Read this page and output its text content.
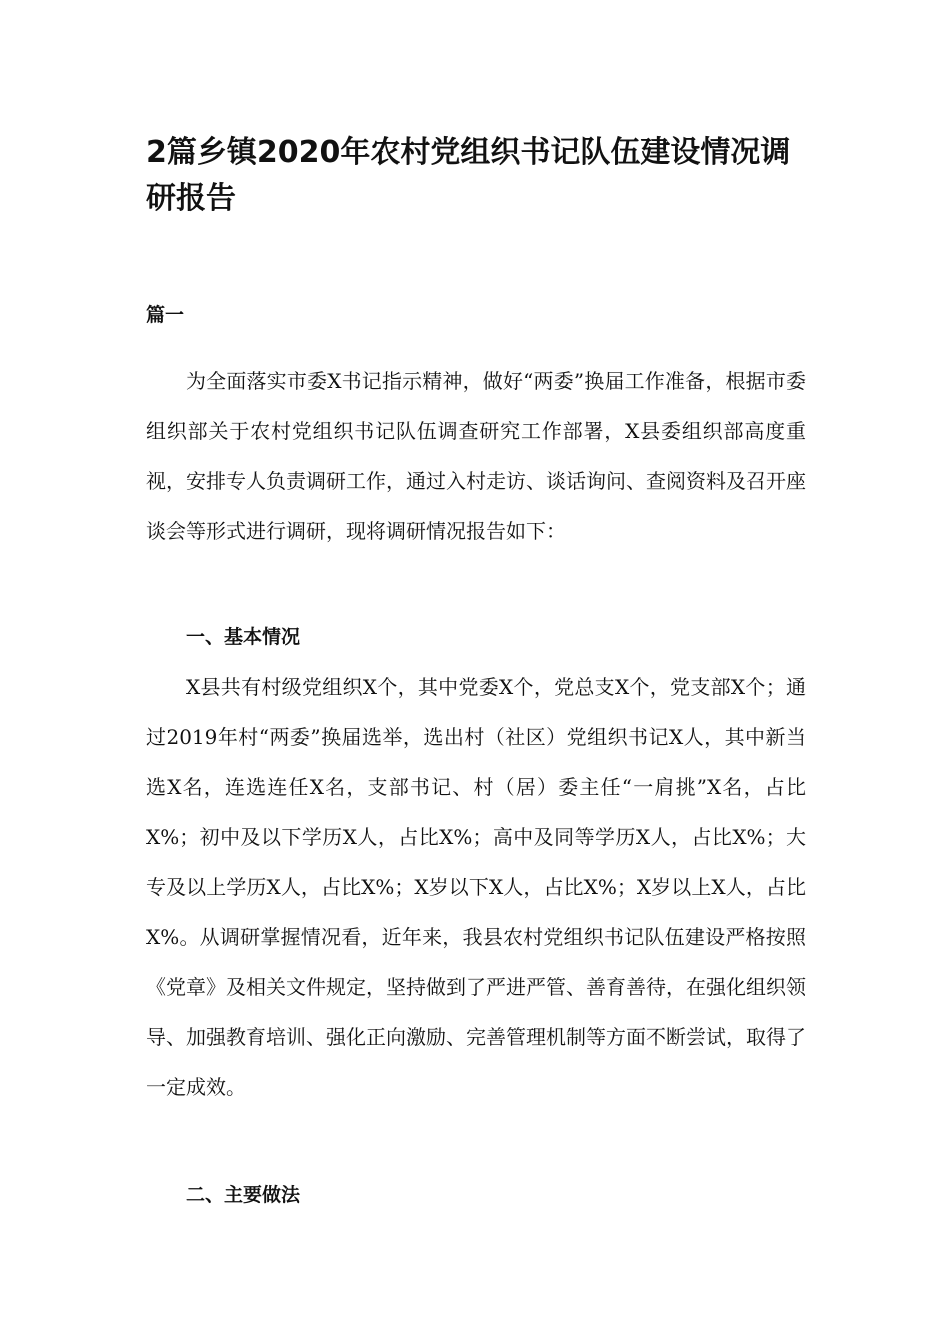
2篇乡镇2020年农村党组织书记队伍建设情况调研报告
篇一

为全面落实市委X书记指示精神，做好“两委”换届工作准备，根据市委组织部关于农村党组织书记队伍调查研究工作部署，X县委组织部高度重视，安排专人负责调研工作，通过入村走访、谈话询问、查阅资料及召开座谈会等形式进行调研，现将调研情况报告如下：

一、基本情况

X县共有村级党组织X个，其中党委X个，党总支X个，党支部X个；通过2019年村“两委”换届选举，选出村（社区）党组织书记X人，其中新当选X名，连选连任X名，支部书记、村（居）委主任“一肩挑”X名，占比X%；初中及以下学历X人，占比X%；高中及同等学历X人，占比X%；大专及以上学历X人，占比X%；X岁以下X人，占比X%；X岁以上X人，占比X%。从调研掌握情况看，近年来，我县农村党组织书记队伍建设严格按照《党章》及相关文件规定，坚持做到了严进严管、善育善待，在强化组织领导、加强教育培训、强化正向激励、完善管理机制等方面不断尝试，取得了一定成效。

二、主要做法
